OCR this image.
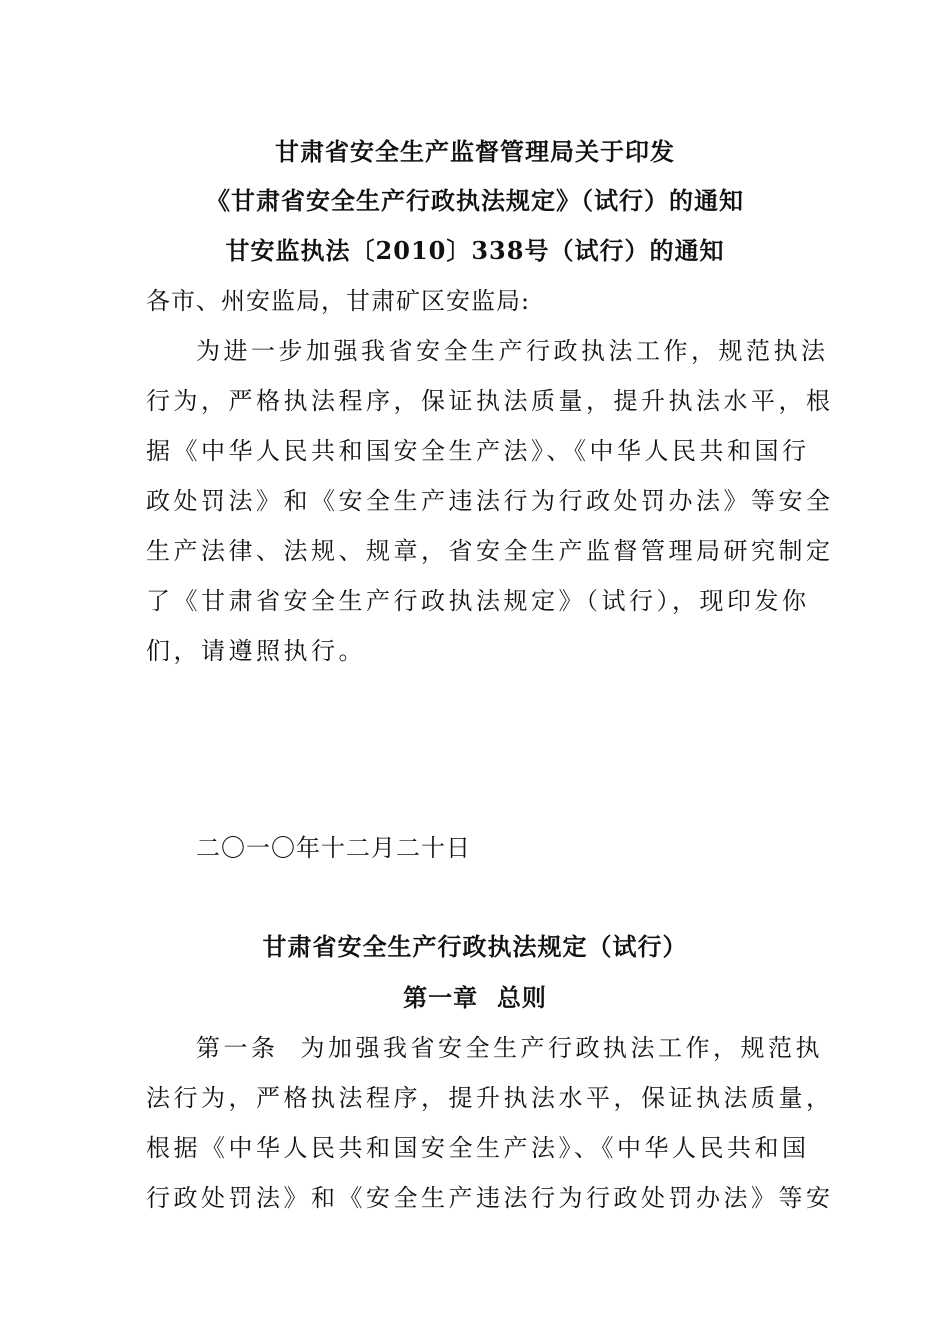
甘肃省安全生产监督管理局关于印发
《甘肃省安全生产行政执法规定》（试行）的通知
甘安监执法〔2010〕338号（试行）的通知
各市、州安监局，甘肃矿区安监局:
为进一步加强我省安全生产行政执法工作，规范执法
行为，严格执法程序，保证执法质量，提升执法水平，根
据《中华人民共和国安全生产法》、《中华人民共和国行
政处罚法》和《安全生产违法行为行政处罚办法》等安全
生产法律、法规、规章，省安全生产监督管理局研究制定
了《甘肃省安全生产行政执法规定》（试行），现印发你
们，请遵照执行。
二〇一〇年十二月二十日
甘肃省安全生产行政执法规定（试行）
第一章  总则
第一条 为加强我省安全生产行政执法工作，规范执
法行为，严格执法程序，提升执法水平，保证执法质量，
根据《中华人民共和国安全生产法》、《中华人民共和国
行政处罚法》和《安全生产违法行为行政处罚办法》等安
